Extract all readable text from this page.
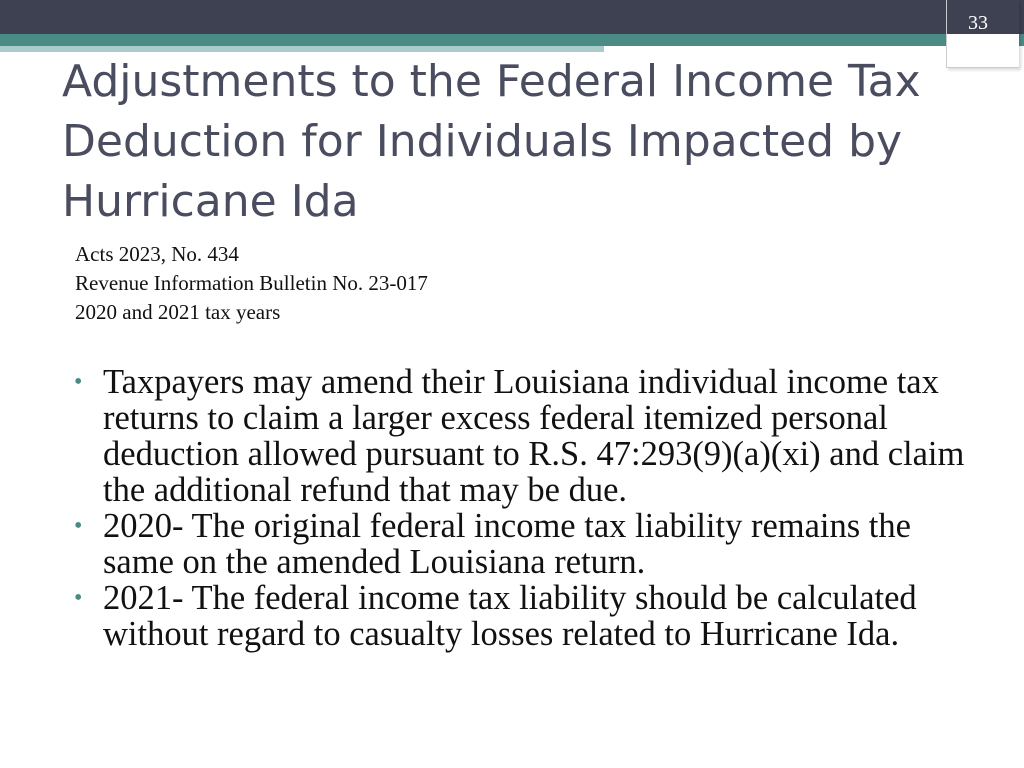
33
Adjustments to the Federal Income Tax Deduction for Individuals Impacted by Hurricane Ida
Acts 2023, No. 434
Revenue Information Bulletin No. 23-017
2020 and 2021 tax years
• Taxpayers may amend their Louisiana individual income tax returns to claim a larger excess federal itemized personal deduction allowed pursuant to R.S. 47:293(9)(a)(xi) and claim the additional refund that may be due.
• 2020- The original federal income tax liability remains the same on the amended Louisiana return.
• 2021- The federal income tax liability should be calculated without regard to casualty losses related to Hurricane Ida.
